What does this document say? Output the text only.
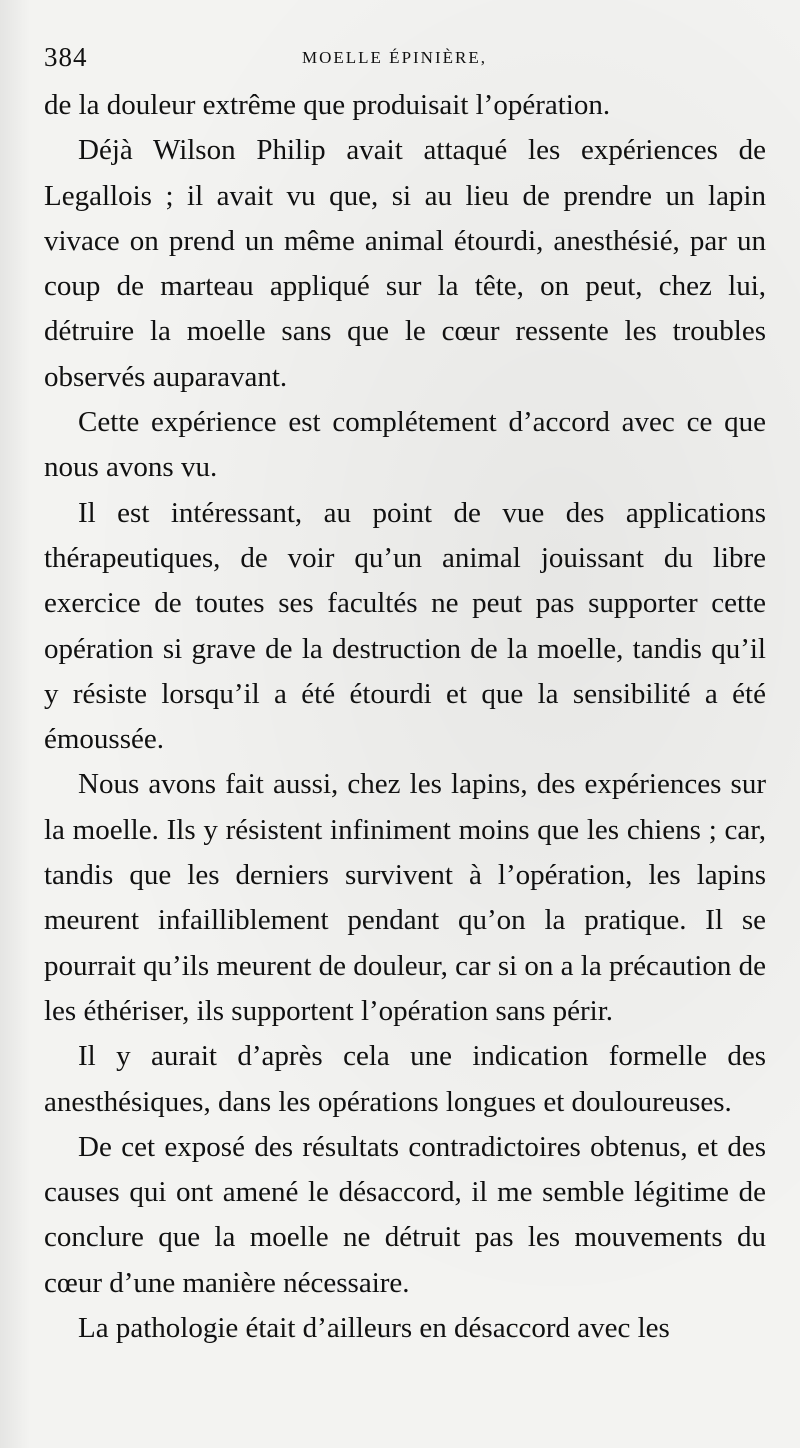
384	MOELLE ÉPINIÈRE,

de la douleur extrême que produisait l’opération.

Déjà Wilson Philip avait attaqué les expériences de Legallois ; il avait vu que, si au lieu de prendre un lapin vivace on prend un même animal étourdi, anesthésié, par un coup de marteau appliqué sur la tête, on peut, chez lui, détruire la moelle sans que le cœur ressente les troubles observés auparavant.

Cette expérience est complétement d’accord avec ce que nous avons vu.

Il est intéressant, au point de vue des applications thérapeutiques, de voir qu’un animal jouissant du libre exercice de toutes ses facultés ne peut pas supporter cette opération si grave de la destruction de la moelle, tandis qu’il y résiste lorsqu’il a été étourdi et que la sensibilité a été émoussée.

Nous avons fait aussi, chez les lapins, des expériences sur la moelle. Ils y résistent infiniment moins que les chiens ; car, tandis que les derniers survivent à l’opération, les lapins meurent infailliblement pendant qu’on la pratique. Il se pourrait qu’ils meurent de douleur, car si on a la précaution de les éthériser, ils supportent l’opération sans périr.

Il y aurait d’après cela une indication formelle des anesthésiques, dans les opérations longues et douloureuses.

De cet exposé des résultats contradictoires obtenus, et des causes qui ont amené le désaccord, il me semble légitime de conclure que la moelle ne détruit pas les mouvements du cœur d’une manière nécessaire.

La pathologie était d’ailleurs en désaccord avec les
